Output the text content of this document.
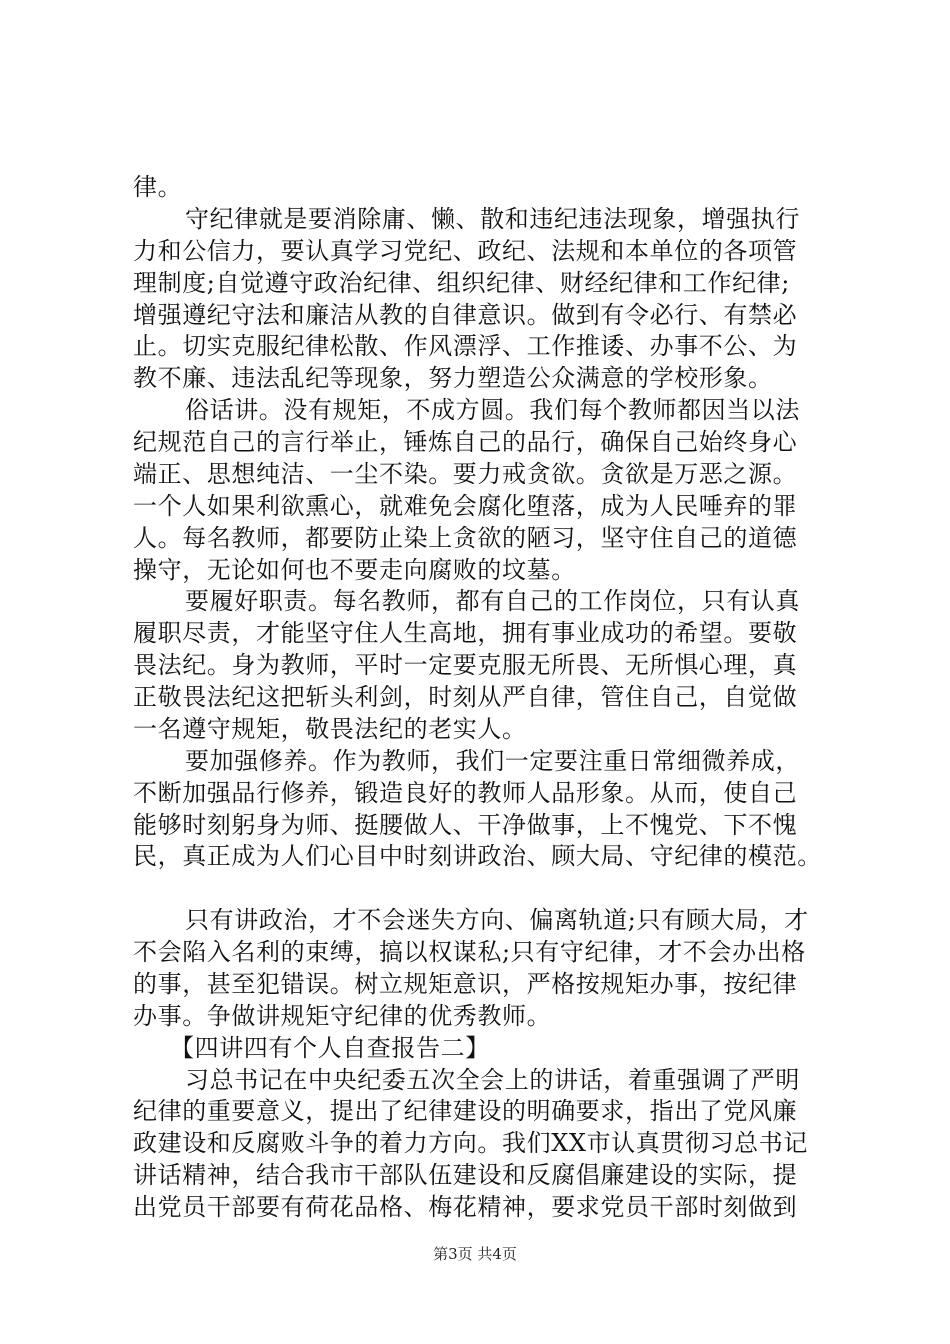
律。
守纪律就是要消除庸、懒、散和违纪违法现象，增强执行
力和公信力，要认真学习党纪、政纪、法规和本单位的各项管
理制度;自觉遵守政治纪律、组织纪律、财经纪律和工作纪律;
增强遵纪守法和廉洁从教的自律意识。做到有令必行、有禁必
止。切实克服纪律松散、作风漂浮、工作推诿、办事不公、为
教不廉、违法乱纪等现象，努力塑造公众满意的学校形象。
俗话讲。没有规矩，不成方圆。我们每个教师都因当以法
纪规范自己的言行举止，锤炼自己的品行，确保自己始终身心
端正、思想纯洁、一尘不染。要力戒贪欲。贪欲是万恶之源。
一个人如果利欲熏心，就难免会腐化堕落，成为人民唾弃的罪
人。每名教师，都要防止染上贪欲的陋习，坚守住自己的道德
操守，无论如何也不要走向腐败的坟墓。
要履好职责。每名教师，都有自己的工作岗位，只有认真
履职尽责，才能坚守住人生高地，拥有事业成功的希望。要敬
畏法纪。身为教师，平时一定要克服无所畏、无所惧心理，真
正敬畏法纪这把斩头利剑，时刻从严自律，管住自己，自觉做
一名遵守规矩，敬畏法纪的老实人。
要加强修养。作为教师，我们一定要注重日常细微养成，
不断加强品行修养，锻造良好的教师人品形象。从而，使自己
能够时刻躬身为师、挺腰做人、干净做事，上不愧党、下不愧
民，真正成为人们心目中时刻讲政治、顾大局、守纪律的模范。
只有讲政治，才不会迷失方向、偏离轨道;只有顾大局，才
不会陷入名利的束缚，搞以权谋私;只有守纪律，才不会办出格
的事，甚至犯错误。树立规矩意识，严格按规矩办事，按纪律
办事。争做讲规矩守纪律的优秀教师。
【四讲四有个人自查报告二】
习总书记在中央纪委五次全会上的讲话，着重强调了严明
纪律的重要意义，提出了纪律建设的明确要求，指出了党风廉
政建设和反腐败斗争的着力方向。我们XX市认真贯彻习总书记
讲话精神，结合我市干部队伍建设和反腐倡廉建设的实际，提
出党员干部要有荷花品格、梅花精神，要求党员干部时刻做到
第3页 共4页
